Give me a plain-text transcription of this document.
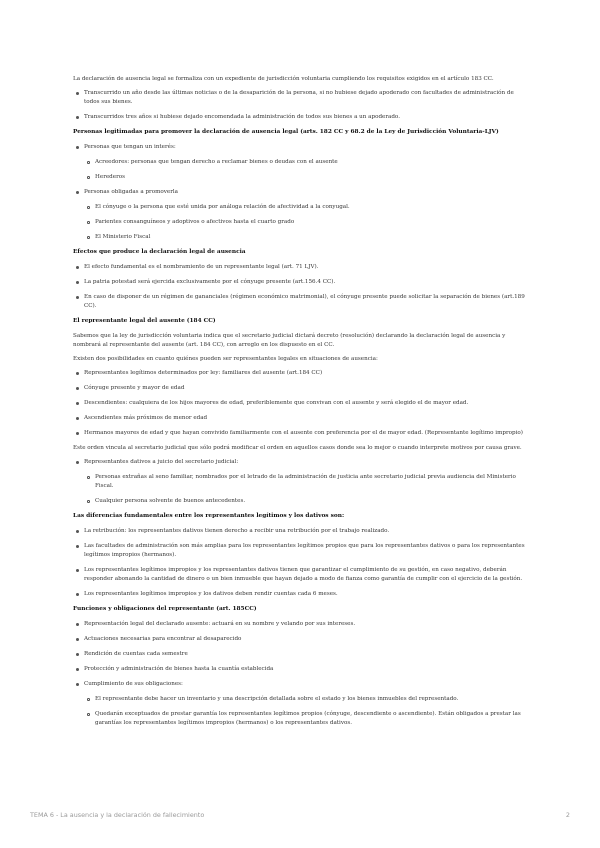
La declaración de ausencia legal se formaliza con un expediente de jurisdicción voluntaria cumpliendo los requisitos exigidos en el artículo 183 CC.

Transcurrido un año desde las últimas noticias o de la desaparición de la persona, si no hubiese dejado apoderado con facultades de administración de todos sus bienes.
Transcurridos tres años si hubiese dejado encomendada la administración de todos sus bienes a un apoderado.
Personas legitimadas para promover la declaración de ausencia legal (arts. 182 CC y 68.2 de la Ley de Jurisdicción Voluntaria-LJV)
Personas que tengan un interés:
Acreedores: personas que tengan derecho a reclamar bienes o deudas con el ausente
Herederos
Personas obligadas a promoverla
El cónyuge o la persona que esté unida por análoga relación de afectividad a la conyugal.
Parientes consanguíneos y adoptivos o afectivos hasta el cuarto grado
El Ministerio Fiscal
Efectos que produce la declaración legal de ausencia
El efecto fundamental es el nombramiento de un representante legal (art. 71 LJV).
La patria potestad será ejercida exclusivamente por el cónyuge presente (art.156.4 CC).
En caso de disponer de un régimen de gananciales (régimen económico matrimonial), el cónyuge presente puede solicitar la separación de bienes (art.189 CC).
El representante legal del ausente (184 CC)

Sabemos que la ley de jurisdicción voluntaria indica que el secretario judicial dictará decreto (resolución) declarando la declaración legal de ausencia y nombrará al representante del ausente (art. 184 CC), con arreglo en los dispuesto en el CC.

Existen dos posibilidades en cuanto quiénes pueden ser representantes legales en situaciones de ausencia:

Representantes legítimos determinados por ley: familiares del ausente (art.184 CC)
Cónyuge presente y mayor de edad
Descendientes: cualquiera de los hijos mayores de edad, preferiblemente que convivan con el ausente y será elegido el de mayor edad.
Ascendientes más próximos de menor edad
Hermanos mayores de edad y que hayan convivido familiarmente con el ausente con preferencia por el de mayor edad. (Representante legítimo impropio)

Este orden vincula al secretario judicial que sólo podrá modificar el orden en aquellos casos donde sea lo mejor o cuando interprete motivos por causa grave.

Representantes dativos a juicio del secretario judicial:
Personas extrañas al seno familiar, nombrados por el letrado de la administración de justicia ante secretario judicial previa audiencia del Ministerio Fiscal.
Cualquier persona solvente de buenos antecedentes.
Las diferencias fundamentales entre los representantes legítimos y los dativos son:
La retribución: los representantes dativos tienen derecho a recibir una retribución por el trabajo realizado.
Las facultades de administración son más amplias para los representantes legítimos propios que para los representantes dativos o para los representantes legítimos impropios (hermanos).
Los representantes legítimos impropios y los representantes dativos tienen que garantizar el cumplimiento de su gestión, en caso negativo, deberán responder abonando la cantidad de dinero o un bien inmueble que hayan dejado a modo de fianza como garantía de cumplir con el ejercicio de la gestión.
Los representantes legítimos impropios y los dativos deben rendir cuentas cada 6 meses.
Funciones y obligaciones del representante (art. 185CC)
Representación legal del declarado ausente: actuará en su nombre y velando por sus intereses.
Actuaciones necesarias para encontrar al desaparecido
Rendición de cuentas cada semestre
Protección y administración de bienes hasta la cuantía establecida
Cumplimiento de sus obligaciones:
El representante debe hacer un inventario y una descripción detallada sobre el estado y los bienes inmuebles del representado.
Quedarán exceptuados de prestar garantía los representantes legítimos propios (cónyuge, descendiente o ascendiente). Están obligados a prestar las garantías los representantes legítimos impropios (hermanos) o los representantes dativos.
TEMA 6 - La ausencia y la declaración de fallecimiento	2
